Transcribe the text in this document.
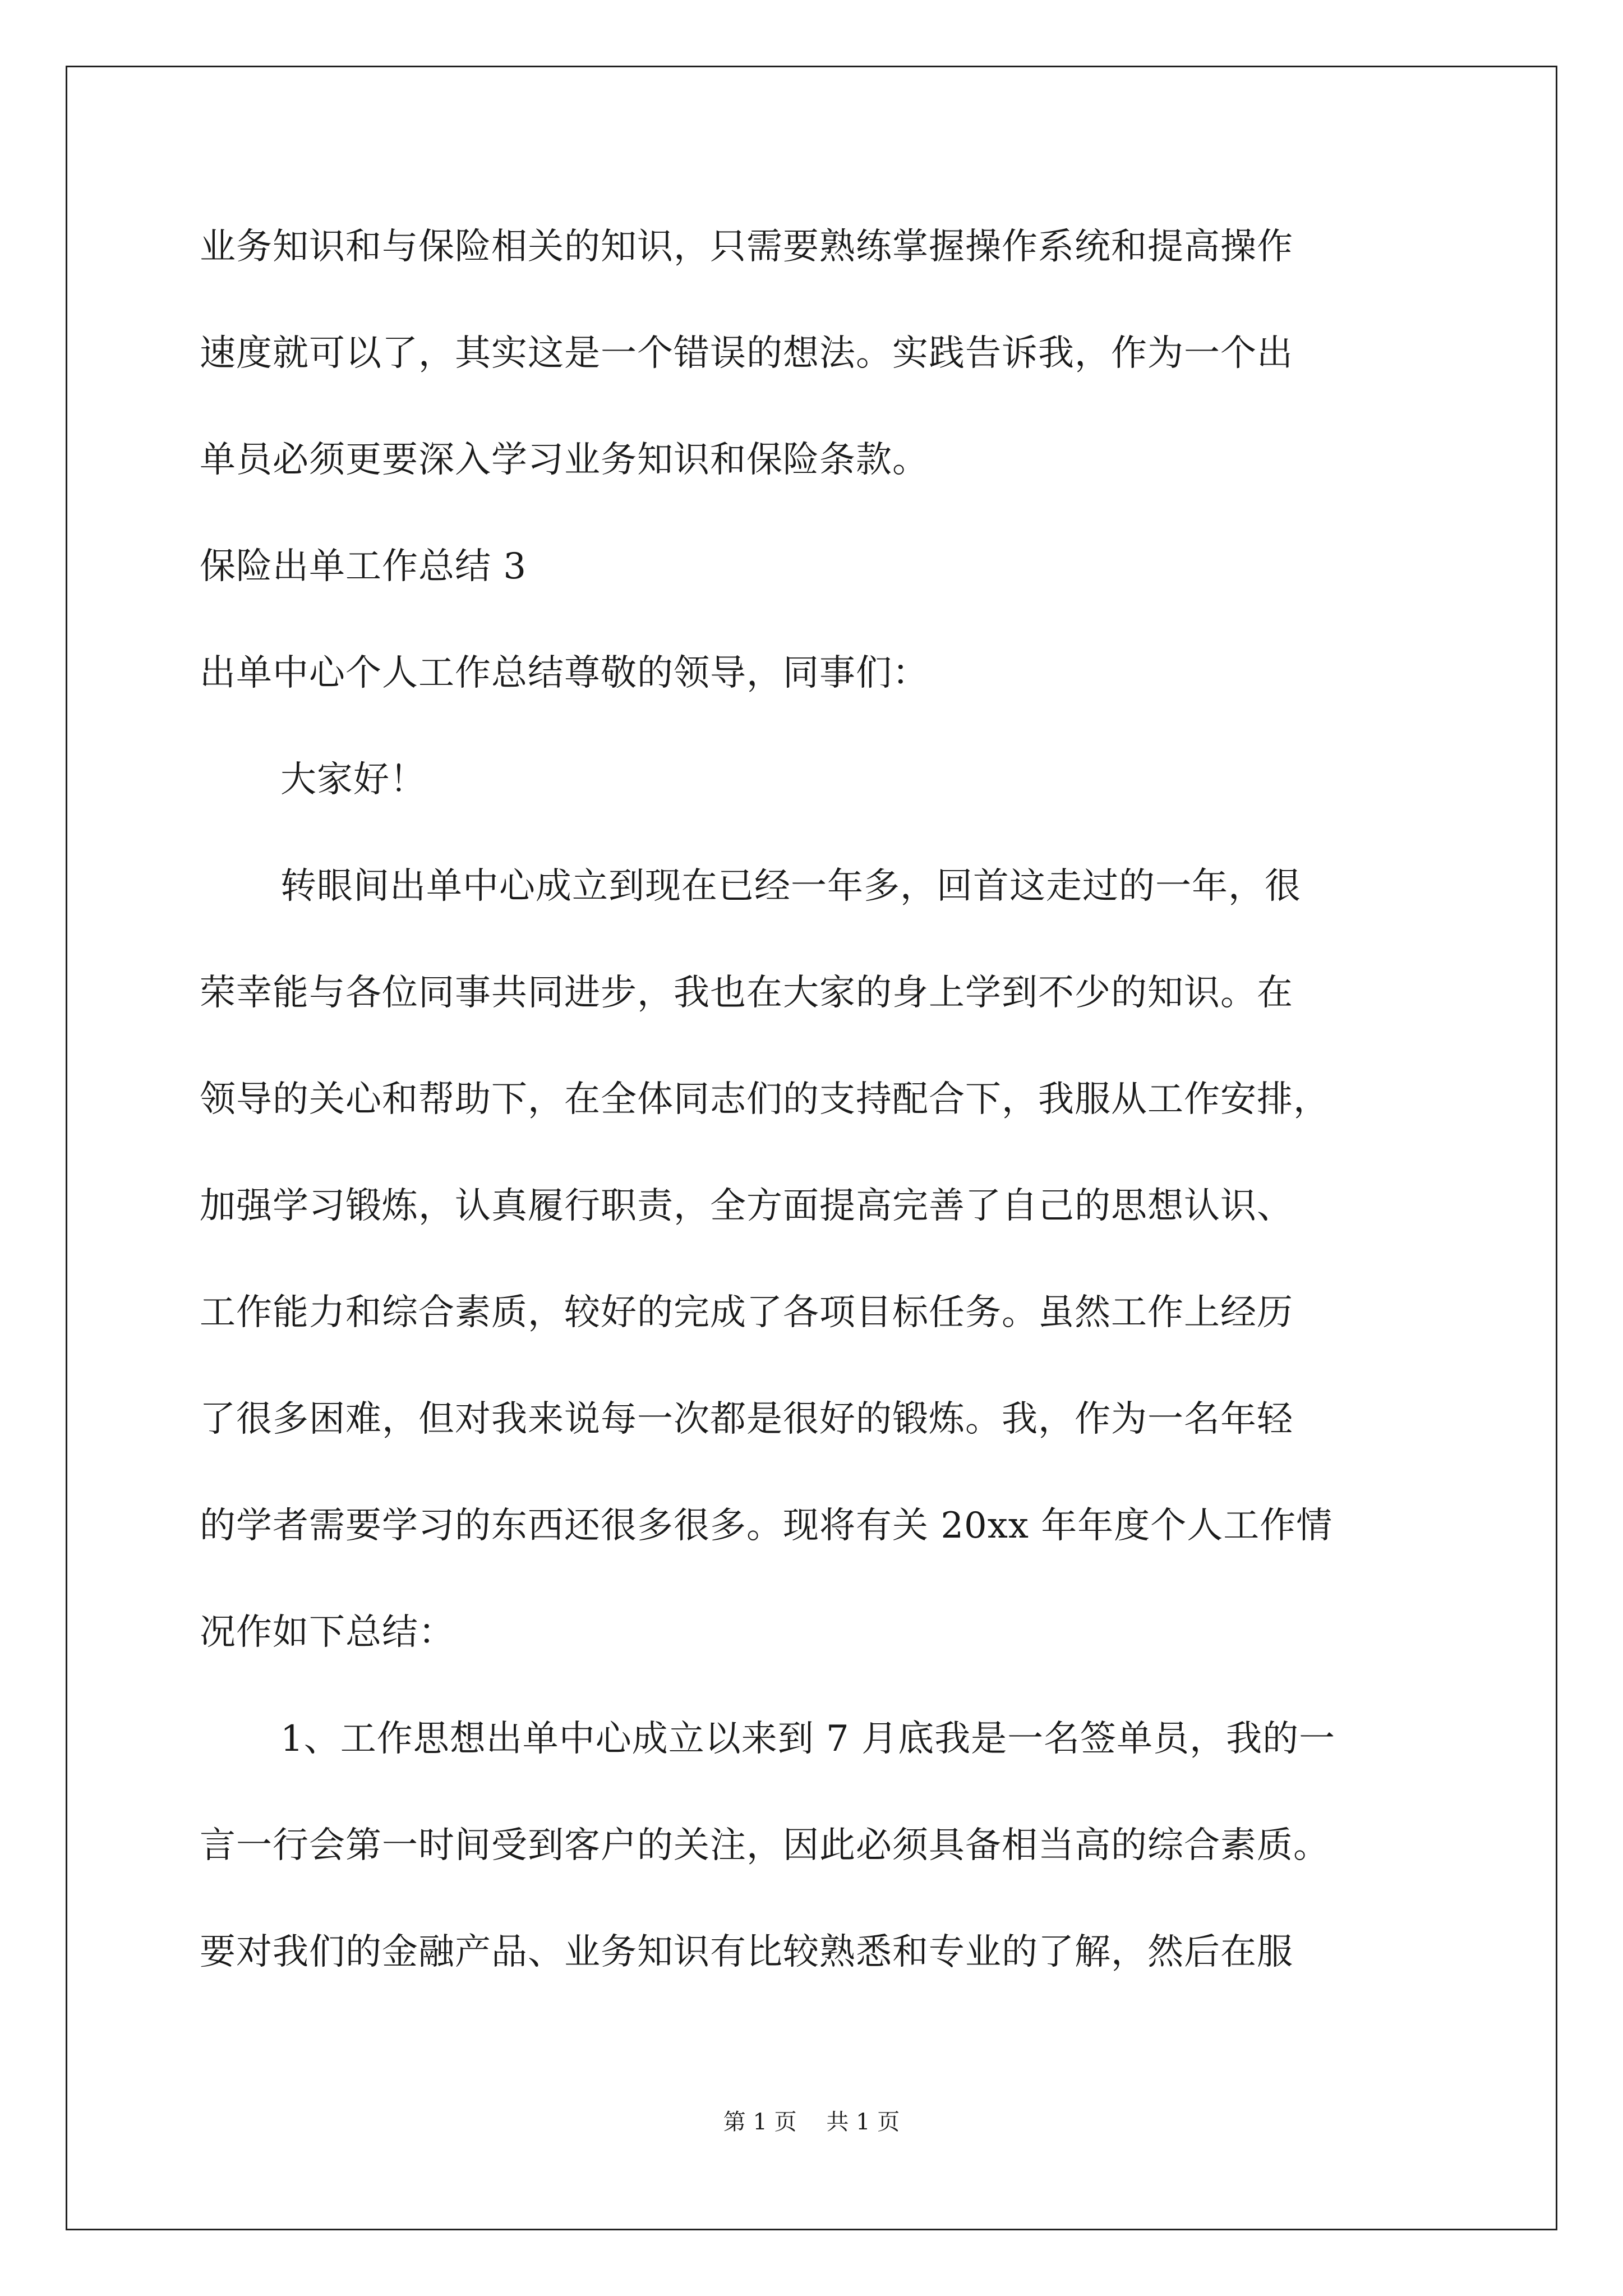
业务知识和与保险相关的知识，只需要熟练掌握操作系统和提高操作
速度就可以了，其实这是一个错误的想法。实践告诉我，作为一个出
单员必须更要深入学习业务知识和保险条款。
保险出单工作总结 3
出单中心个人工作总结尊敬的领导，同事们：
大家好！
转眼间出单中心成立到现在已经一年多，回首这走过的一年，很
荣幸能与各位同事共同进步，我也在大家的身上学到不少的知识。在
领导的关心和帮助下，在全体同志们的支持配合下，我服从工作安排，
加强学习锻炼，认真履行职责，全方面提高完善了自己的思想认识、
工作能力和综合素质，较好的完成了各项目标任务。虽然工作上经历
了很多困难，但对我来说每一次都是很好的锻炼。我，作为一名年轻
的学者需要学习的东西还很多很多。现将有关 20xx 年年度个人工作情
况作如下总结：
1、工作思想出单中心成立以来到 7 月底我是一名签单员，我的一
言一行会第一时间受到客户的关注，因此必须具备相当高的综合素质。
要对我们的金融产品、业务知识有比较熟悉和专业的了解，然后在服
第 1 页 共 1 页
